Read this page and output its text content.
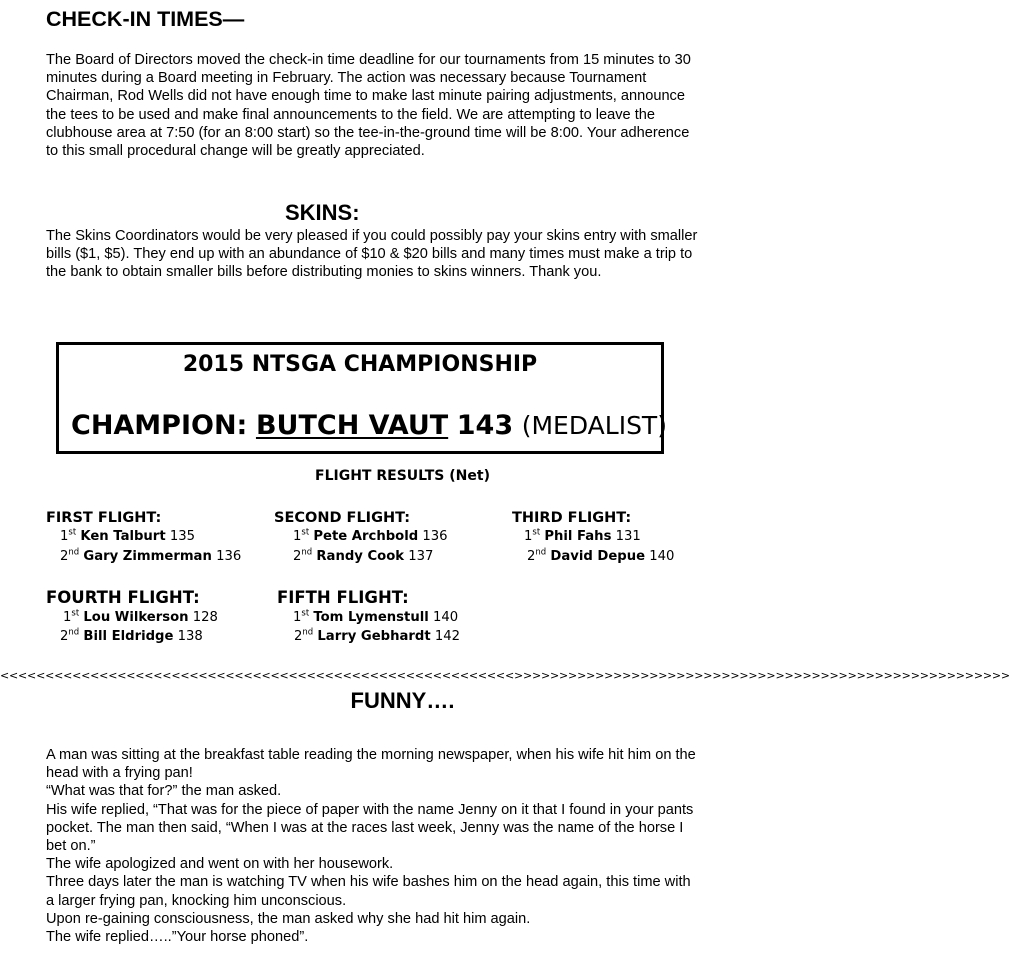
CHECK-IN TIMES—
The Board of Directors moved the check-in time deadline for our tournaments from 15 minutes to 30
minutes during a Board meeting in February. The action was necessary because Tournament
Chairman, Rod Wells did not have enough time to make last minute pairing adjustments, announce
the tees to be used and make final announcements to the field. We are attempting to leave the
clubhouse area at 7:50 (for an 8:00 start) so the tee-in-the-ground time will be 8:00. Your adherence
to this small procedural change will be greatly appreciated.
SKINS:
The Skins Coordinators would be very pleased if you could possibly pay your skins entry with smaller
bills ($1, $5). They end up with an abundance of $10 & $20 bills and many times must make a trip to
the bank to obtain smaller bills before distributing monies to skins winners. Thank you.
2015 NTSGA CHAMPIONSHIP
CHAMPION: BUTCH VAUT 143 (MEDALIST)
FLIGHT RESULTS (Net)
FIRST FLIGHT:
1st Ken Talburt 135
2nd Gary Zimmerman 136
SECOND FLIGHT:
1st Pete Archbold 136
2nd Randy Cook 137
THIRD FLIGHT:
1st Phil Fahs 131
2nd David Depue 140
FOURTH FLIGHT:
1st Lou Wilkerson 128
2nd Bill Eldridge 138
FIFTH FLIGHT:
1st Tom Lymenstull 140
2nd Larry Gebhardt 142
<<<<<<<<<<<<<<<<<<<<<<<<<<<<<<<<<<<<<<<<<<<<<<<<<<<<<<<<<>>>>>>>>>>>>>>>>>>>>>>>>>>>>>>>>>>>>>>>>>>>>>>>>>>>>>>>
FUNNY….
A man was sitting at the breakfast table reading the morning newspaper, when his wife hit him on the
head with a frying pan!
“What was that for?” the man asked.
His wife replied, “That was for the piece of paper with the name Jenny on it that I found in your pants
pocket. The man then said, “When I was at the races last week, Jenny was the name of the horse I
bet on.”
The wife apologized and went on with her housework.
Three days later the man is watching TV when his wife bashes him on the head again, this time with
a larger frying pan, knocking him unconscious.
Upon re-gaining consciousness, the man asked why she had hit him again.
The wife replied…..”Your horse phoned”.
